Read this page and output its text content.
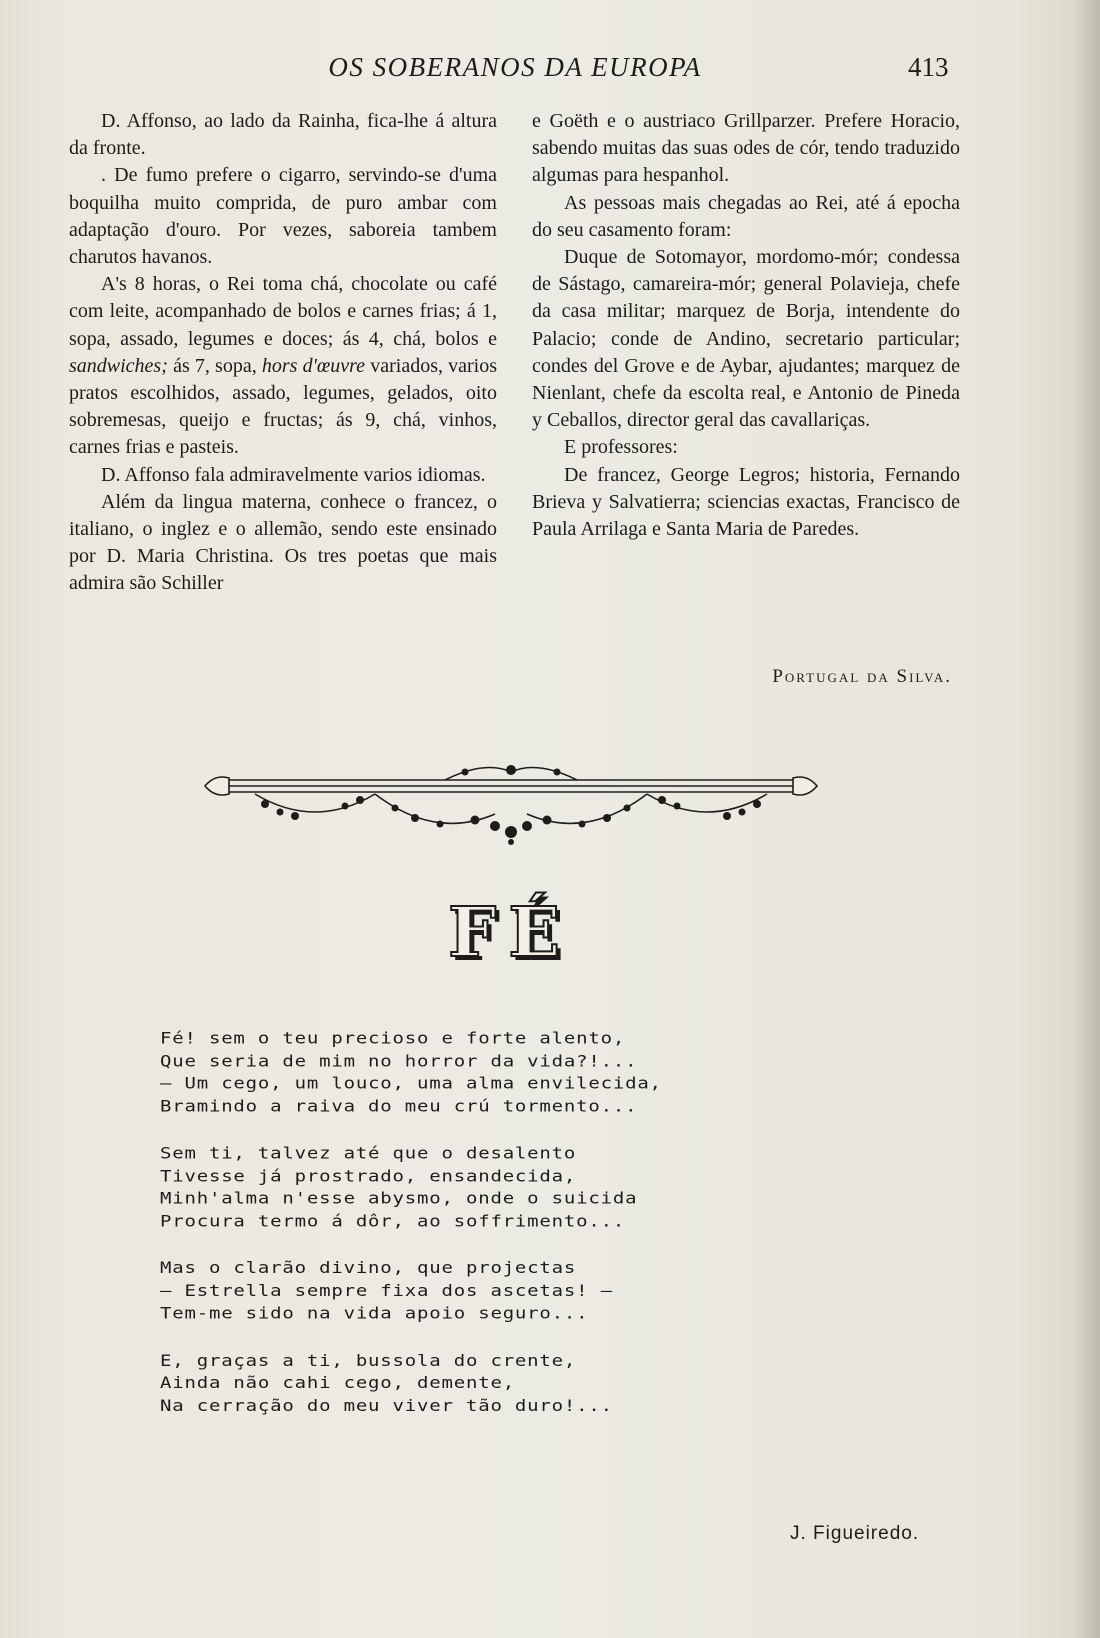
OS SOBERANOS DA EUROPA	413

D. Affonso, ao lado da Rainha, fica-lhe á altura da fronte.

. De fumo prefere o cigarro, servindo-se d'uma boquilha muito comprida, de puro ambar com adaptação d'ouro. Por vezes, saboreia tambem charutos havanos.

A's 8 horas, o Rei toma chá, chocolate ou café com leite, acompanhado de bolos e carnes frias; á 1, sopa, assado, legumes e doces; ás 4, chá, bolos e sandwiches; ás 7, sopa, hors d'œuvre variados, varios pratos escolhidos, assado, legumes, gelados, oito sobremesas, queijo e fructas; ás 9, chá, vinhos, carnes frias e pasteis.

D. Affonso fala admiravelmente varios idiomas.

Além da lingua materna, conhece o francez, o italiano, o inglez e o allemão, sendo este ensinado por D. Maria Christina. Os tres poetas que mais admira são Schiller

e Goëth e o austriaco Grillparzer. Prefere Horacio, sabendo muitas das suas odes de cór, tendo traduzido algumas para hespanhol.

As pessoas mais chegadas ao Rei, até á epocha do seu casamento foram:

Duque de Sotomayor, mordomo-mór; condessa de Sástago, camareira-mór; general Polavieja, chefe da casa militar; marquez de Borja, intendente do Palacio; conde de Andino, secretario particular; condes del Grove e de Aybar, ajudantes; marquez de Nienlant, chefe da escolta real, e Antonio de Pineda y Ceballos, director geral das cavallariças.

E professores:

De francez, George Legros; historia, Fernando Brieva y Salvatierra; sciencias exactas, Francisco de Paula Arrilaga e Santa Maria de Paredes.

Portugal da Silva.
FÉ
Fé! sem o teu precioso e forte alento,
Que seria de mim no horror da vida?!...
— Um cego, um louco, uma alma envilecida,
Bramindo a raiva do meu crú tormento...
Sem ti, talvez até que o desalento
Tivesse já prostrado, ensandecida,
Minh'alma n'esse abysmo, onde o suicida
Procura termo á dôr, ao soffrimento...
Mas o clarão divino, que projectas
— Estrella sempre fixa dos ascetas! —
Tem-me sido na vida apoio seguro...
E, graças a ti, bussola do crente,
Ainda não cahi cego, demente,
Na cerração do meu viver tão duro!...
J. Figueiredo.
